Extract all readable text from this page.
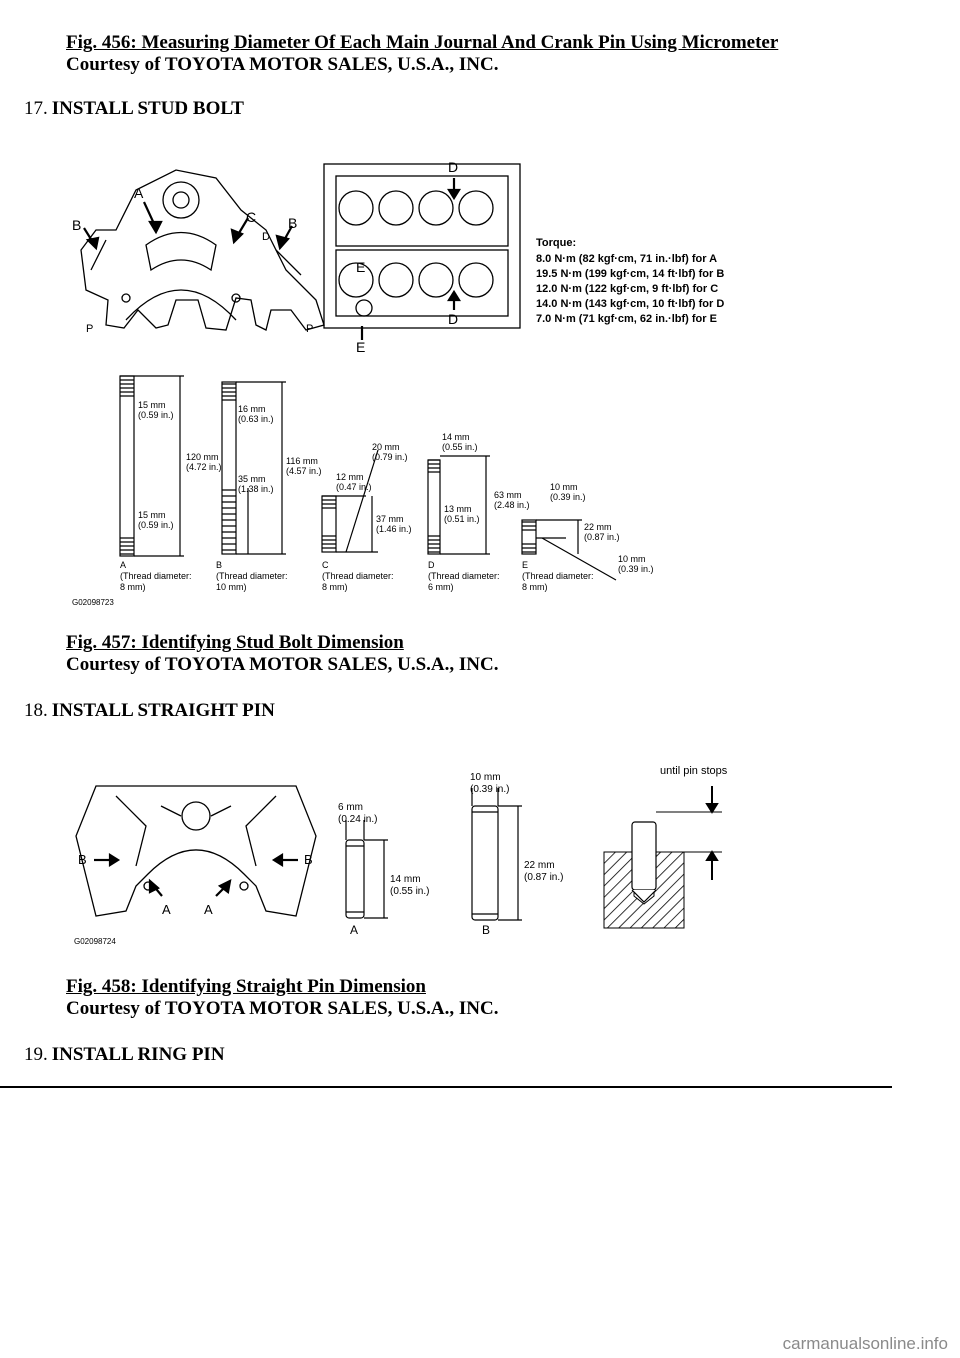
Fig. 456: Measuring Diameter Of Each Main Journal And Crank Pin Using Micrometer
Courtesy of TOYOTA MOTOR SALES, U.S.A., INC.
17. INSTALL STUD BOLT
A
B	C
D
B
P
D
E
D
E
P
Torque:
8.0 N·m (82 kgf·cm, 71 in.·lbf) for A
19.5 N·m (199 kgf·cm, 14 ft·lbf) for B
12.0 N·m (122 kgf·cm, 9 ft·lbf) for C
14.0 N·m (143 kgf·cm, 10 ft·lbf) for D
7.0 N·m (71 kgf·cm, 62 in.·lbf) for E
15 mm
(0.59 in.)
120 mm
(4.72 in.)
15 mm
(0.59 in.)
A
(Thread diameter:
8 mm)
16 mm
(0.63 in.)
35 mm
(1.38 in.)
116 mm
(4.57 in.)
B
(Thread diameter:
10 mm)
20 mm
(0.79 in.)
12 mm
(0.47 in.)
37 mm
(1.46 in.)
C
(Thread diameter:
8 mm)
14 mm
(0.55 in.)
63 mm
(2.48 in.)
13 mm
(0.51 in.)
D
(Thread diameter:
6 mm)
10 mm
(0.39 in.)
22 mm
(0.87 in.)
10 mm
(0.39 in.)
E
(Thread diameter:
8 mm)
G02098723
Fig. 457: Identifying Stud Bolt Dimension
Courtesy of TOYOTA MOTOR SALES, U.S.A., INC.
18. INSTALL STRAIGHT PIN
B
A	A
B
G02098724
6 mm
(0.24 in.)
14 mm
(0.55 in.)
A
10 mm
(0.39 in.)
22 mm
(0.87 in.)
B
until pin stops
Fig. 458: Identifying Straight Pin Dimension
Courtesy of TOYOTA MOTOR SALES, U.S.A., INC.
19. INSTALL RING PIN
carmanualsonline.info
